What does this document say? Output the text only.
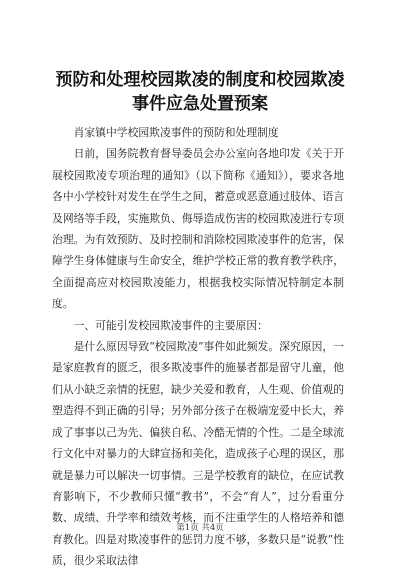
预防和处理校园欺凌的制度和校园欺凌事件应急处置预案

肖家镇中学校园欺凌事件的预防和处理制度

日前，国务院教育督导委员会办公室向各地印发《关于开展校园欺凌专项治理的通知》（以下简称《通知》），要求各地各中小学校针对发生在学生之间，蓄意或恶意通过肢体、语言及网络等手段，实施欺负、侮辱造成伤害的校园欺凌进行专项治理。为有效预防、及时控制和消除校园欺凌事件的危害，保障学生身体健康与生命安全，维护学校正常的教育教学秩序，全面提高应对校园欺凌能力，根据我校实际情况特制定本制度。

一、可能引发校园欺凌事件的主要原因：

是什么原因导致“校园欺凌”事件如此频发。深究原因，一是家庭教育的匮乏，很多欺凌事件的施暴者都是留守儿童，他们从小缺乏亲情的抚慰，缺少关爱和教育，人生观、价值观的塑造得不到正确的引导；另外部分孩子在极端宠爱中长大，养成了事事以己为先、偏狭自私、冷酷无情的个性。二是全球流行文化中对暴力的大肆宣扬和美化，造成孩子心理的误区，那就是暴力可以解决一切事情。三是学校教育的缺位，在应试教育影响下，不少教师只懂“教书”，不会“育人”，过分看重分数、成绩、升学率和绩效考核，而不注重学生的人格培养和德育教化。四是对欺凌事件的惩罚力度不够，多数只是“说教”性质，很少采取法律

第1页 共4页
